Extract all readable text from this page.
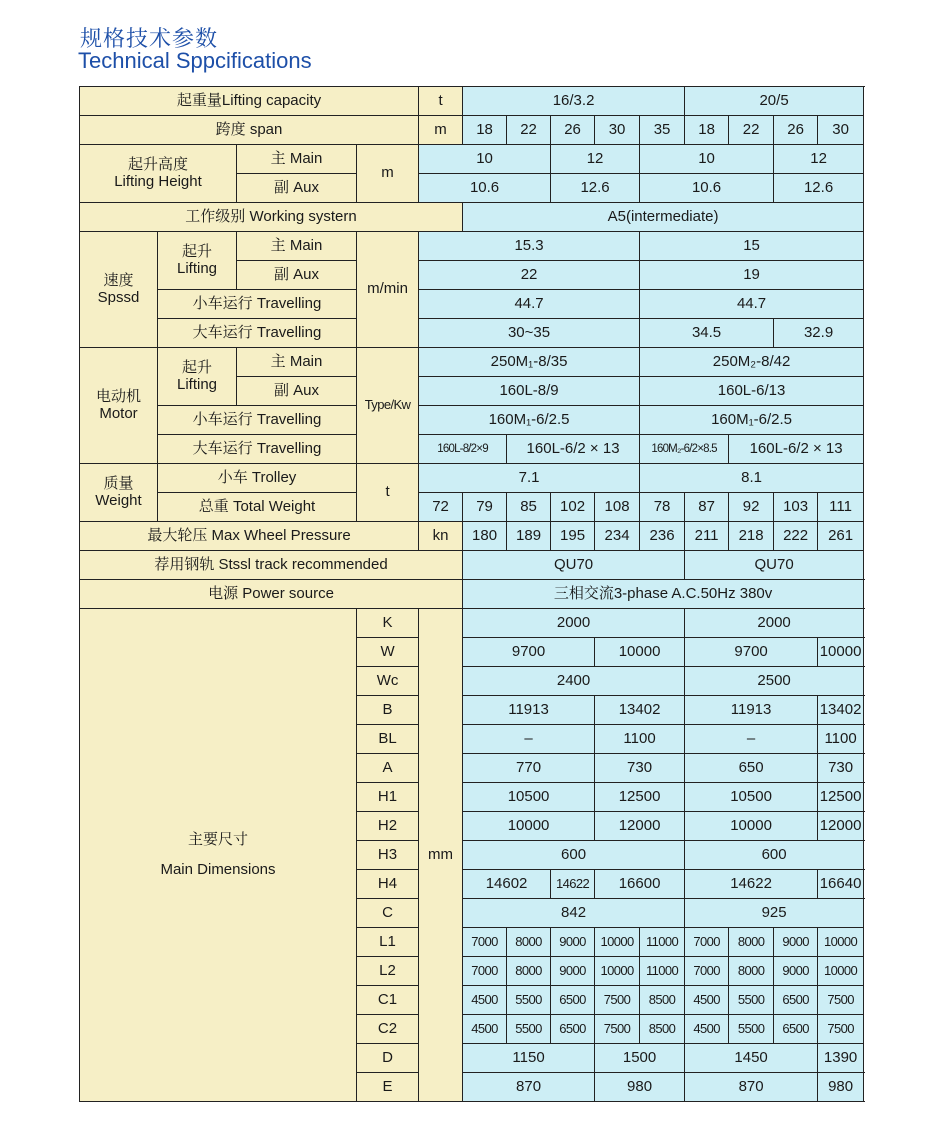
规格技术参数
Technical Sppcifications
起重量Lifting capacity				t	16/3.2					20/5				
跨度 span				m	18	22	26	30	35	18	22	26	30	
起升高度
Lifting Height		主 Main	m	10			12		10			12		
		副 Aux		10.6			12.6		10.6			12.6		
工作级别 Working systern					A5(intermediate)									
速度
Spssd	起升
Lifting	主 Main	m/min	15.3					15					
		副 Aux		22					19					
	小车运行 Travelling			44.7					44.7					
	大车运行 Travelling			30~35					34.5			32.9		
电动机
Motor	起升
Lifting	主 Main	Type/Kw	250M₁-8/35					250M₂-8/42					
		副 Aux		160L-8/9					160L-6/13					
	小车运行 Travelling			160M₁-6/2.5					160M₁-6/2.5					
	大车运行 Travelling			160L-8/2×9		160L-6/2 × 13			160M₂-6/2×8.5		160L-6/2 × 13			
质量
Weight	小车 Trolley		t	7.1					8.1					
	总重 Total Weight			72	79	85	102	108	78	87	92	103	111	
最大轮压 Max Wheel Pressure				kn	180	189	195	234	236	211	218	222	261	
荐用钢轨 Stssl track recommended					QU70					QU70				
电源 Power source					三相交流3-phase A.C.50Hz 380v									
主要尺寸
Main Dimensions			K	mm	2000					2000				
			W		9700			10000		9700			10000	
			Wc		2400					2500				
			B		11913			13402		11913			13402	
			BL		–			1100		–			1100	
			A		770			730		650			730	
			H1		10500			12500		10500			12500	
			H2		10000			12000		10000			12000	
			H3		600					600				
			H4		14602		14622	16600		14622			16640	
			C		842					925				
			L1		7000	8000	9000	10000	11000	7000	8000	9000	10000	
			L2		7000	8000	9000	10000	11000	7000	8000	9000	10000	
			C1		4500	5500	6500	7500	8500	4500	5500	6500	7500	
			C2		4500	5500	6500	7500	8500	4500	5500	6500	7500	
			D		1150			1500		1450			1390	
			E		870			980		870			980	
